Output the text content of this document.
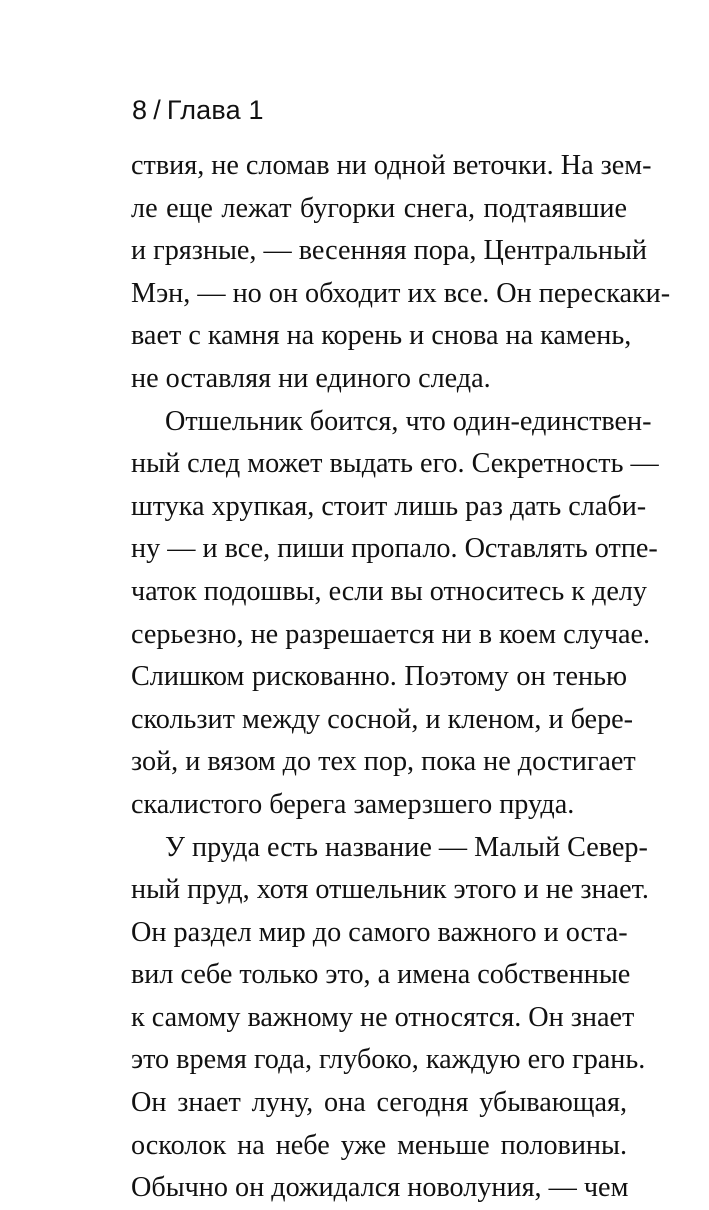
8 / Глава 1
ствия, не сломав ни одной веточки. На зем-
ле еще лежат бугорки снега, подтаявшие
и грязные, — весенняя пора, Центральный
Мэн, — но он обходит их все. Он перескаки-
вает с камня на корень и снова на камень,
не оставляя ни единого следа.
Отшельник боится, что один-единствен-
ный след может выдать его. Секретность —
штука хрупкая, стоит лишь раз дать слаби-
ну — и все, пиши пропало. Оставлять отпе-
чаток подошвы, если вы относитесь к делу
серьезно, не разрешается ни в коем случае.
Слишком рискованно. Поэтому он тенью
скользит между сосной, и кленом, и бере-
зой, и вязом до тех пор, пока не достигает
скалистого берега замерзшего пруда.
У пруда есть название — Малый Север-
ный пруд, хотя отшельник этого и не знает.
Он раздел мир до самого важного и оста-
вил себе только это, а имена собственные
к самому важному не относятся. Он знает
это время года, глубоко, каждую его грань.
Он знает луну, она сегодня убывающая,
осколок на небе уже меньше половины.
Обычно он дожидался новолуния, — чем
